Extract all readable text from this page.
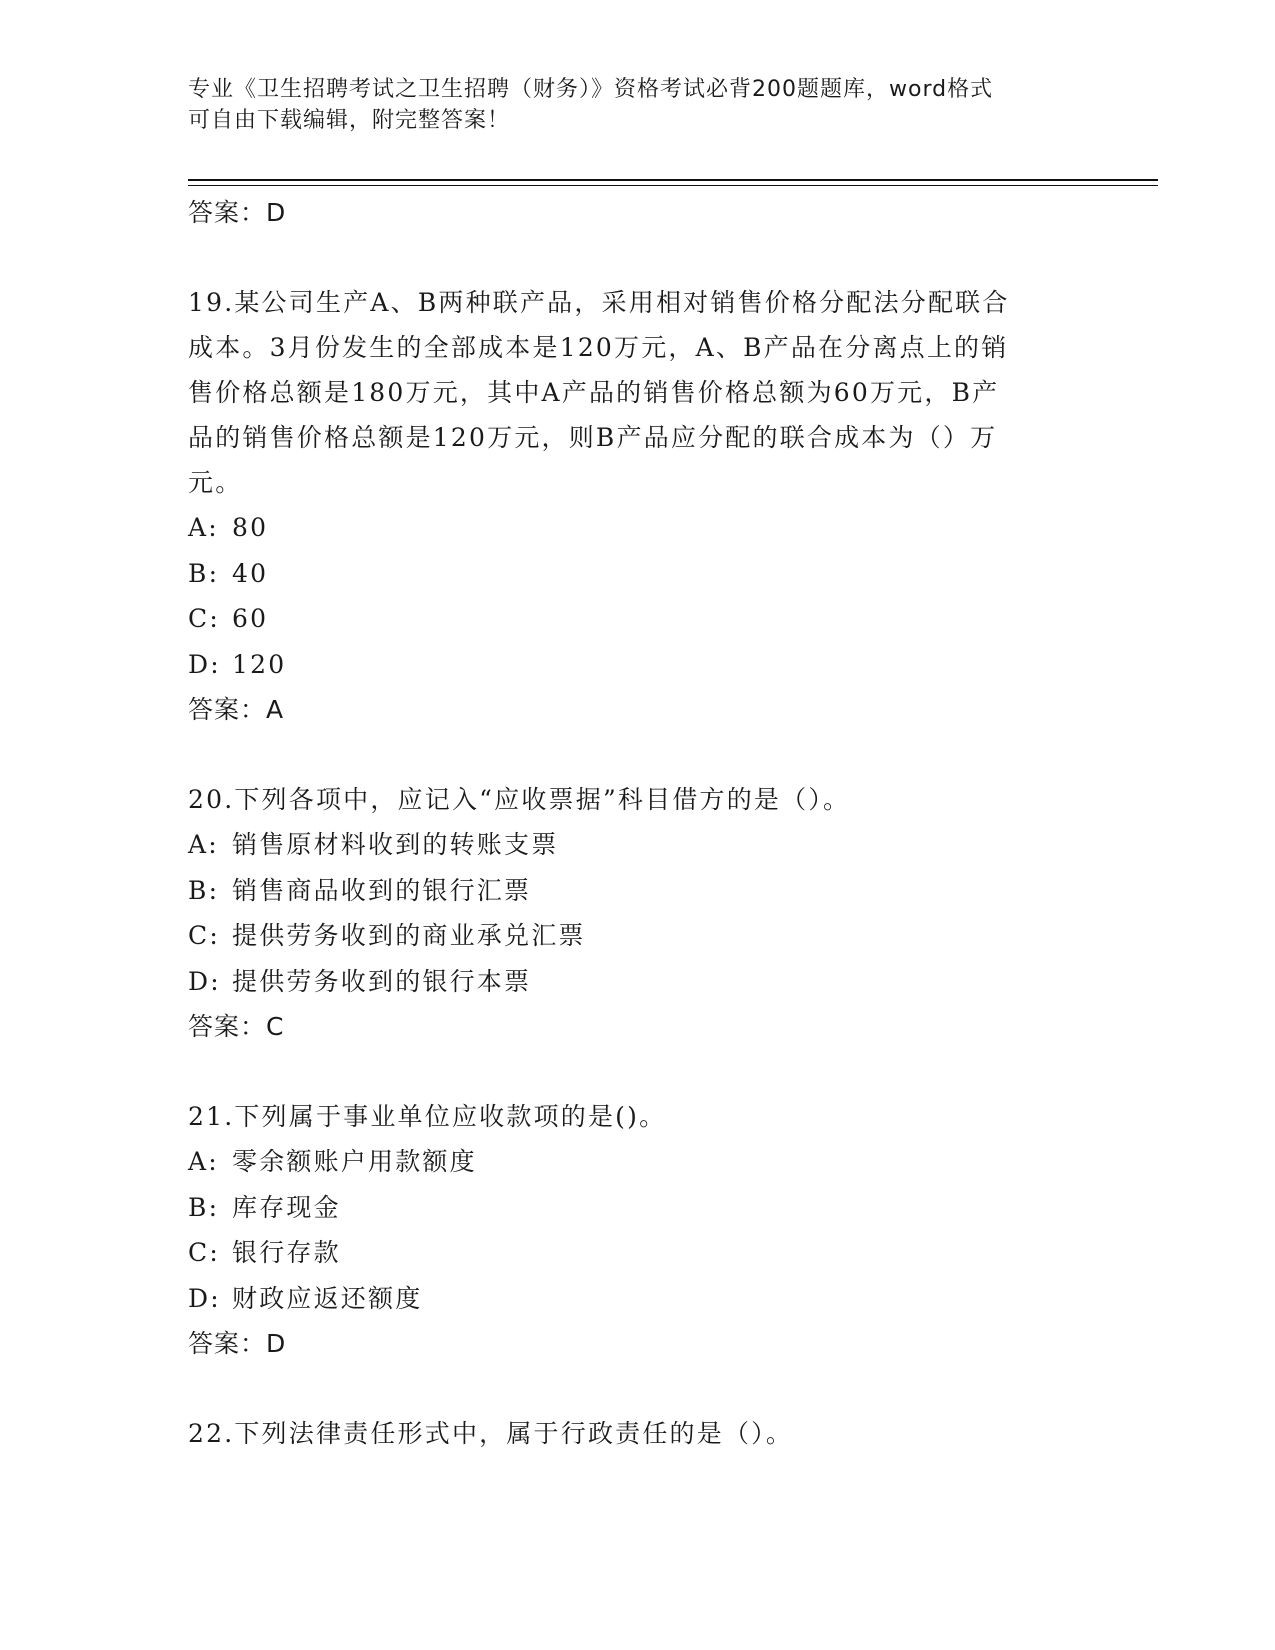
专业《卫生招聘考试之卫生招聘（财务）》资格考试必背200题题库，word格式
可自由下载编辑，附完整答案！
答案：D
19.某公司生产A、B两种联产品，采用相对销售价格分配法分配联合
成本。3月份发生的全部成本是120万元，A、B产品在分离点上的销
售价格总额是180万元，其中A产品的销售价格总额为60万元，B产
品的销售价格总额是120万元，则B产品应分配的联合成本为（）万
元。
A: 80
B: 40
C: 60
D: 120
答案：A
20.下列各项中，应记入“应收票据”科目借方的是（）。
A: 销售原材料收到的转账支票
B: 销售商品收到的银行汇票
C: 提供劳务收到的商业承兑汇票
D: 提供劳务收到的银行本票
答案：C
21.下列属于事业单位应收款项的是()。
A: 零余额账户用款额度
B: 库存现金
C: 银行存款
D: 财政应返还额度
答案：D
22.下列法律责任形式中，属于行政责任的是（）。
